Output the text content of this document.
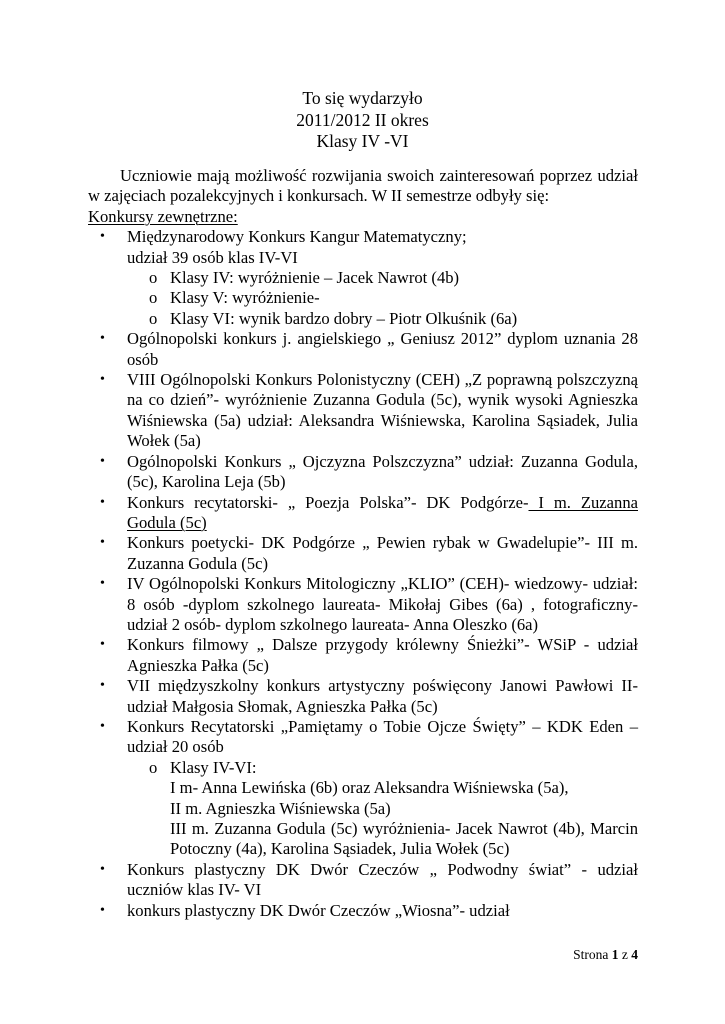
To się wydarzyło
2011/2012 II okres
Klasy IV -VI
Uczniowie mają możliwość rozwijania swoich zainteresowań poprzez udział w zajęciach pozalekcyjnych i konkursach. W II semestrze odbyły się:
Konkursy zewnętrzne:
• Międzynarodowy Konkurs Kangur Matematyczny;
udział 39 osób klas IV-VI
o Klasy IV: wyróżnienie – Jacek Nawrot (4b)
o Klasy V: wyróżnienie-
o Klasy VI: wynik bardzo dobry – Piotr Olkuśnik (6a)
• Ogólnopolski konkurs j. angielskiego „ Geniusz 2012” dyplom uznania 28 osób
• VIII Ogólnopolski Konkurs Polonistyczny (CEH) „Z poprawną polszczyzną na co dzień”- wyróżnienie Zuzanna Godula (5c), wynik wysoki Agnieszka Wiśniewska (5a) udział: Aleksandra Wiśniewska, Karolina Sąsiadek, Julia Wołek (5a)
• Ogólnopolski Konkurs „ Ojczyzna Polszczyzna” udział: Zuzanna Godula,(5c), Karolina Leja (5b)
• Konkurs recytatorski- „ Poezja Polska”- DK Podgórze- I m. Zuzanna Godula (5c)
• Konkurs poetycki- DK Podgórze „ Pewien rybak w Gwadelupie”- III m. Zuzanna Godula (5c)
• IV Ogólnopolski Konkurs Mitologiczny „KLIO” (CEH)- wiedzowy- udział: 8 osób -dyplom szkolnego laureata- Mikołaj Gibes (6a) , fotograficzny- udział 2 osób- dyplom szkolnego laureata- Anna Oleszko (6a)
• Konkurs filmowy „ Dalsze przygody królewny Śnieżki”- WSiP - udział Agnieszka Pałka (5c)
• VII międzyszkolny konkurs artystyczny poświęcony Janowi Pawłowi II- udział Małgosia Słomak, Agnieszka Pałka (5c)
• Konkurs Recytatorski „Pamiętamy o Tobie Ojcze Święty” – KDK Eden – udział 20 osób
o Klasy IV-VI:
I m- Anna Lewińska (6b) oraz Aleksandra Wiśniewska (5a),
II m. Agnieszka Wiśniewska (5a)
III m. Zuzanna Godula (5c) wyróżnienia- Jacek Nawrot (4b), Marcin Potoczny (4a), Karolina Sąsiadek, Julia Wołek (5c)
• Konkurs plastyczny DK Dwór Czeczów „ Podwodny świat” - udział uczniów klas IV- VI
• konkurs plastyczny DK Dwór Czeczów „Wiosna”- udział
Strona 1 z 4
